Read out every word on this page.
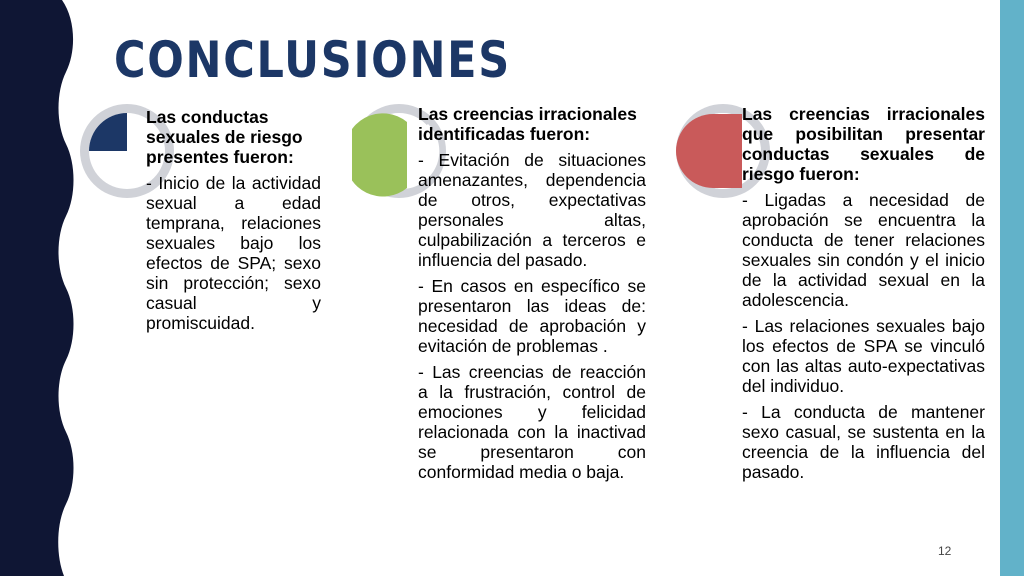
CONCLUSIONES

Las conductas sexuales de riesgo presentes fueron:

- Inicio de la actividad sexual a edad temprana, relaciones sexuales bajo los efectos de SPA; sexo sin protección; sexo casual y promiscuidad.

Las creencias irracionales identificadas fueron:

- Evitación de situaciones amenazantes, dependencia de otros, expectativas personales altas, culpabilización a terceros e influencia del pasado.

- En casos en específico se presentaron las ideas de: necesidad de aprobación y evitación de problemas .

- Las creencias de reacción a la frustración, control de emociones y felicidad relacionada con la inactivad se presentaron con conformidad media o baja.

Las creencias irracionales que posibilitan presentar conductas sexuales de riesgo fueron:

- Ligadas a necesidad de aprobación se encuentra la conducta de tener relaciones sexuales sin condón y el inicio de la actividad sexual en la adolescencia.

- Las relaciones sexuales bajo los efectos de SPA se vinculó con las altas auto-expectativas del individuo.

- La conducta de mantener sexo casual, se sustenta en la creencia de la influencia del pasado.

12
